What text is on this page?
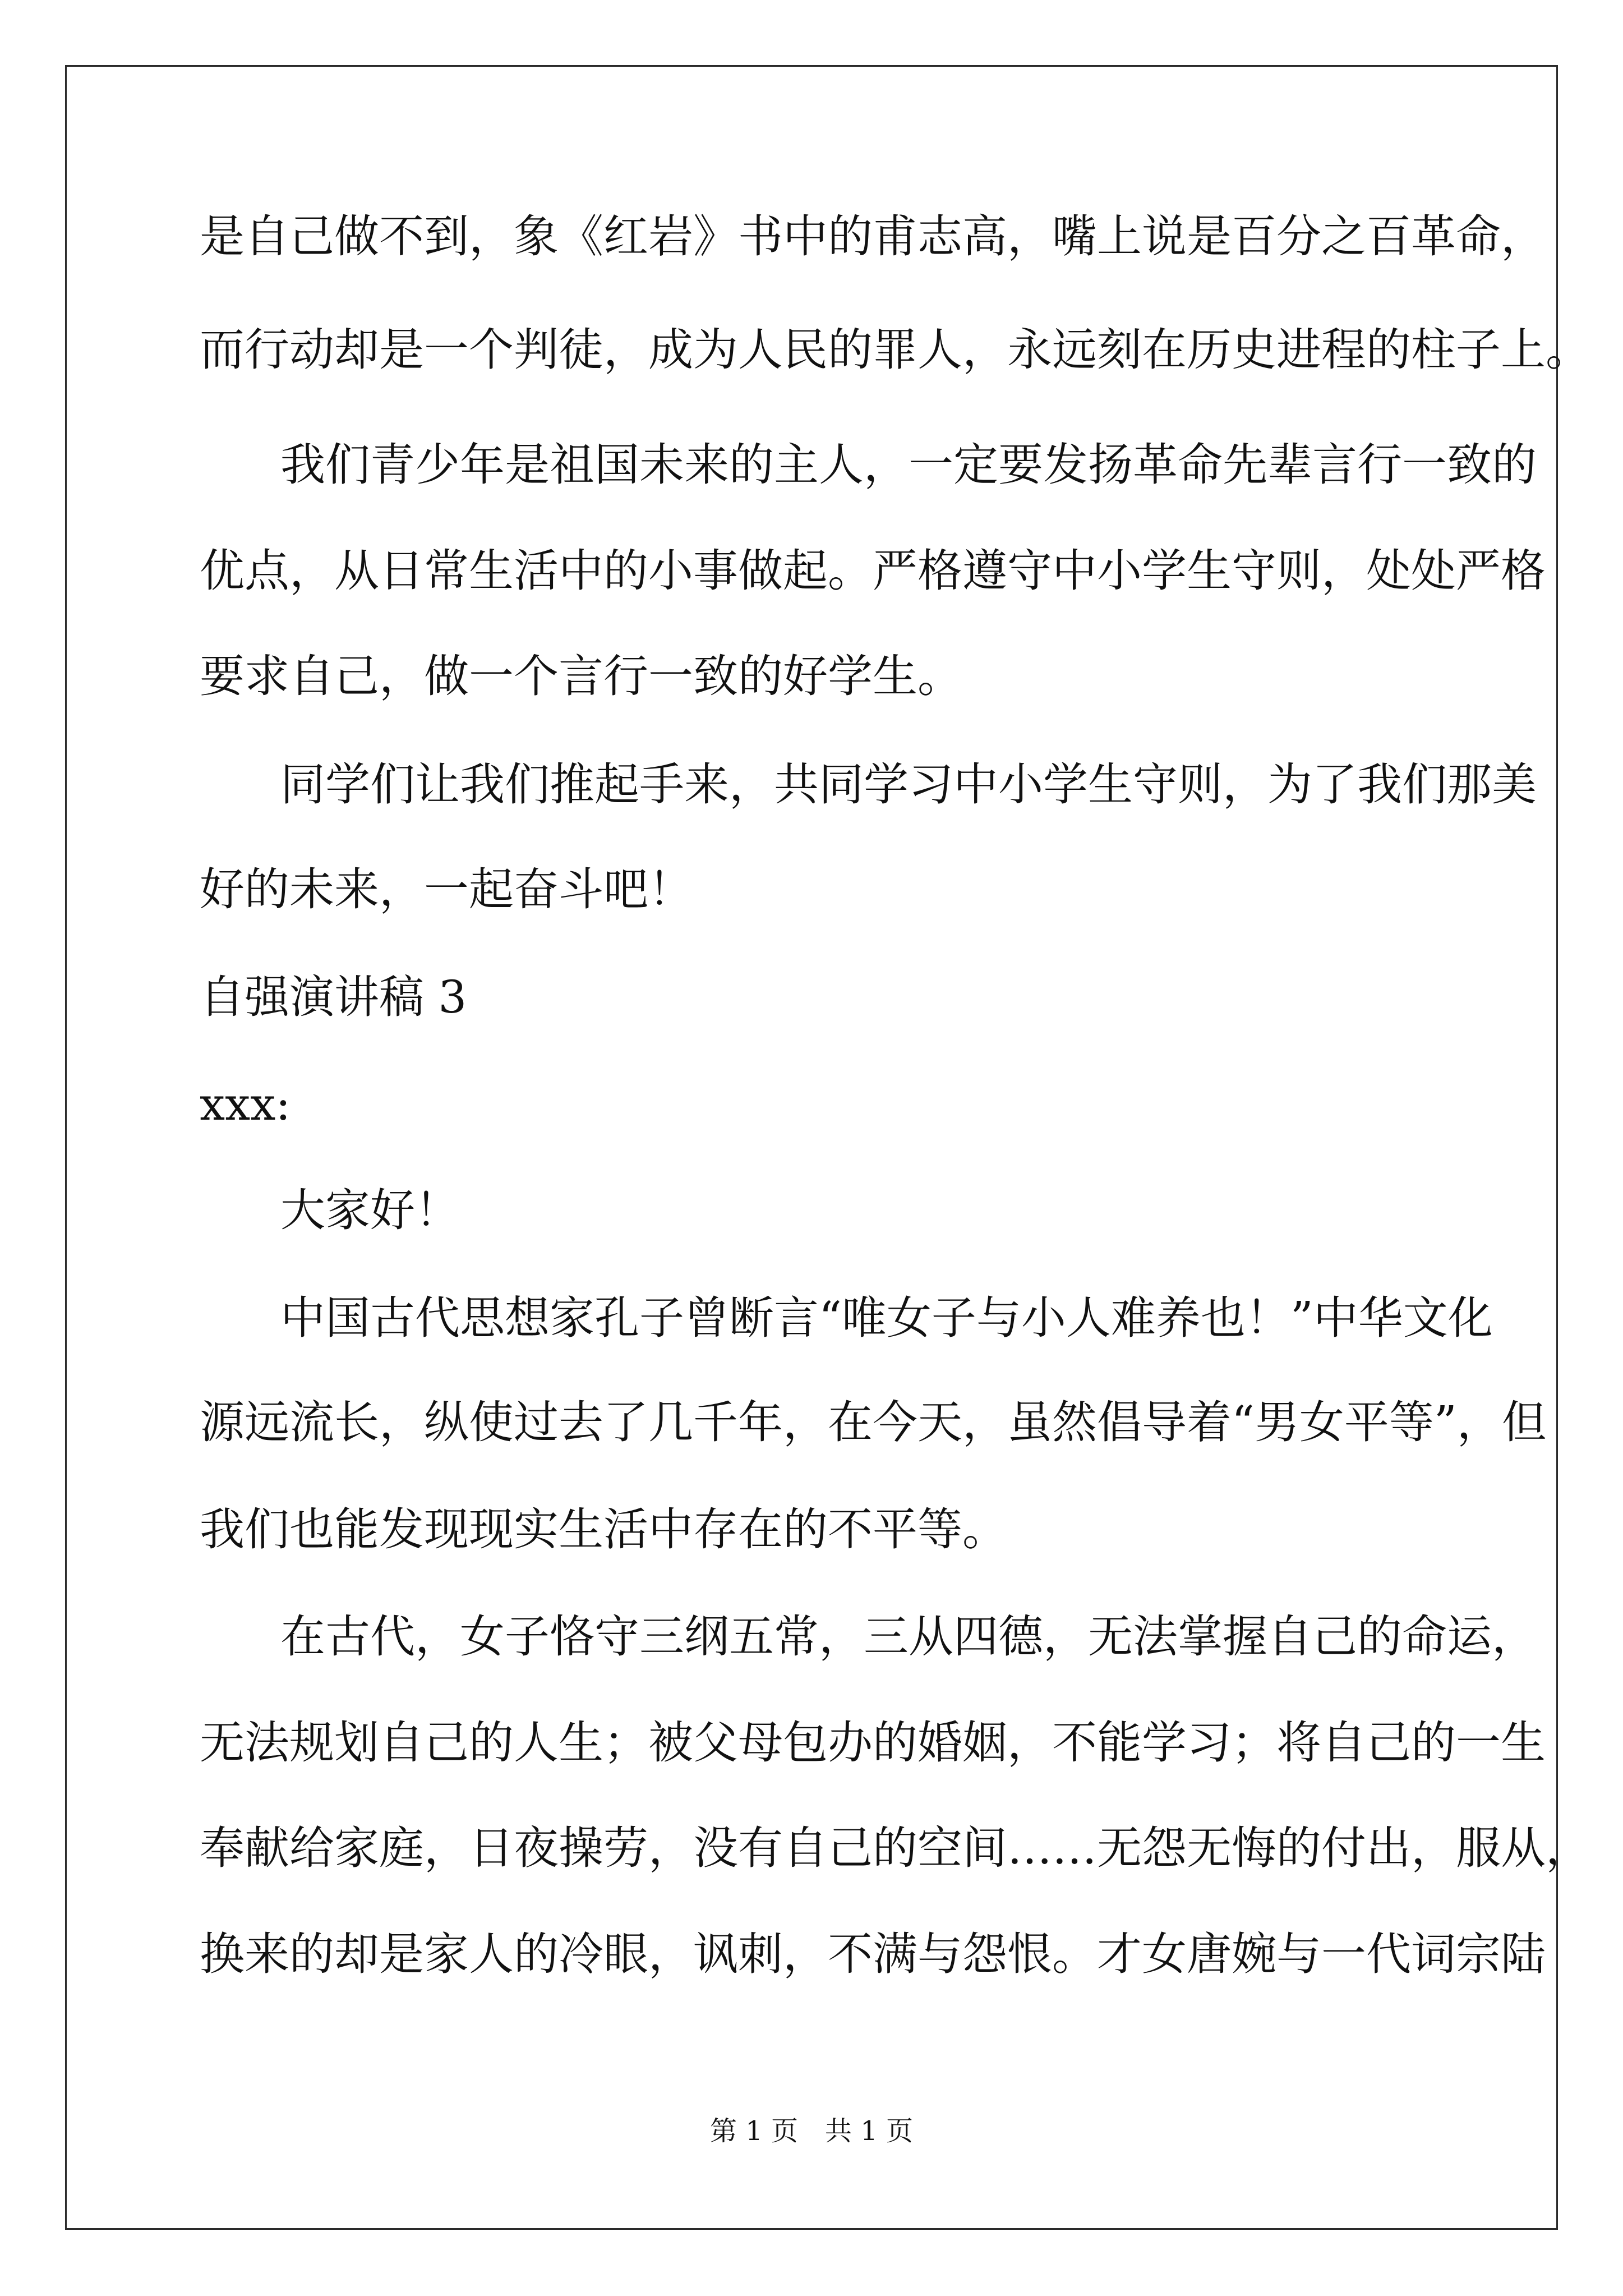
是自己做不到，象《红岩》书中的甫志高，嘴上说是百分之百革命，
而行动却是一个判徒，成为人民的罪人，永远刻在历史进程的柱子上。
我们青少年是祖国未来的主人，一定要发扬革命先辈言行一致的
优点，从日常生活中的小事做起。严格遵守中小学生守则，处处严格
要求自己，做一个言行一致的好学生。
同学们让我们推起手来，共同学习中小学生守则，为了我们那美
好的未来，一起奋斗吧！
自强演讲稿 3
xxx:
大家好！
中国古代思想家孔子曾断言“唯女子与小人难养也！”中华文化
源远流长，纵使过去了几千年，在今天，虽然倡导着“男女平等”，但
我们也能发现现实生活中存在的不平等。
在古代，女子恪守三纲五常，三从四德，无法掌握自己的命运，
无法规划自己的人生；被父母包办的婚姻，不能学习；将自己的一生
奉献给家庭，日夜操劳，没有自己的空间……无怨无悔的付出，服从，
换来的却是家人的冷眼，讽刺，不满与怨恨。才女唐婉与一代词宗陆
第 1 页　共 1 页
